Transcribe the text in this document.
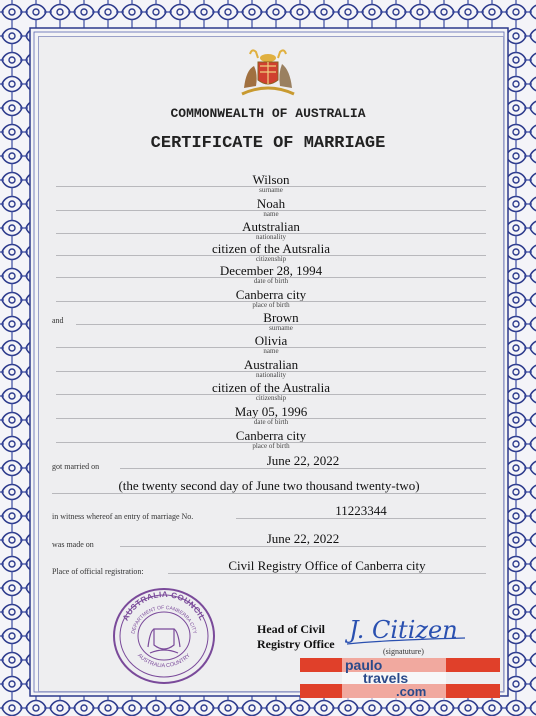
COMMONWEALTH OF AUSTRALIA
CERTIFICATE OF MARRIAGE
Wilson
surname
Noah
name
Autstralian
nationality
citizen of the Autsralia
citizenship
December 28, 1994
date of birth
Canberra city
place of birth
and	Brown
surname
Olivia
name
Australian
nationality
citizen of the Australia
citizenship
May 05, 1996
date of birth
Canberra city
place of birth
got married on	June 22, 2022
(the twenty second day of June two thousand twenty-two)
in witness whereof an entry of marriage No.	11223344
was made on	June 22, 2022
Place of official registration:	Civil Registry Office of Canberra city
AUSTRALIA COUNCIL
DEPARTMENT OF CANBERRA CITY
AUSTRALIA COUNTRY
Head of Civil
Registry Office J. Citizen
(signatuture)
paulo
travels
.com
